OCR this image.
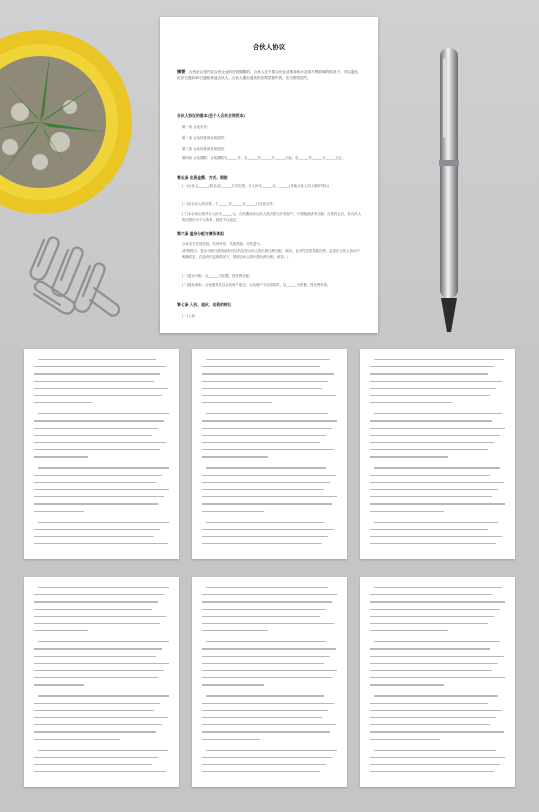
合伙人协议
摘要：合伙协议是约定合伙企业的经营期限的，合伙人在不损合伙企业事务执行造成不利影响的情况下，可以退伙，但应当提前30日通知其他合伙人。合伙人擅自退伙的应赔偿损失的，应当赔偿损失。
合伙人协议的基本(至个人合伙合同范本)
第一条 合伙宗旨：
第二条 合伙经营项目和范围：
第三条 合伙经营项目和范围：
第四条 合伙期限：合伙期限为______年，自______年______月______日起，至______年______月______日止。
第五条 出资金额、方式、期限
(一)合伙人______(姓名)以______方式出资，计人民币______元。______(其他合伙人同上顺序列出)
(二)各合伙人的出资，于______年______月______日以前交齐。
(三)本合伙出资共计人民币______元。合伙期间各合伙人的出资为共有财产，不得随意请求分割。合伙终止后，各合伙人的出资仍为个人所有，届时予以返还。
第六条 盈余分配与债务承担
合伙各方共同经营，共同劳动，共担风险，共负盈亏。
(附则提示：盈余分配与债务承担可以约定按合伙人的出资比例分配、承担，也可约定按其他比例，必须在合伙人协议中明确约定，在没有约定的情况下，按照合伙人的出资比例分配、承担。)
(一)盈余分配：以______为依据，按比例分配。
(二)债务承担：合伙债务先以合伙财产偿还，合伙财产不足清偿时，以______为依据，按比例负担。
第七条 入伙、退伙、出资的转让
(一)入伙：
